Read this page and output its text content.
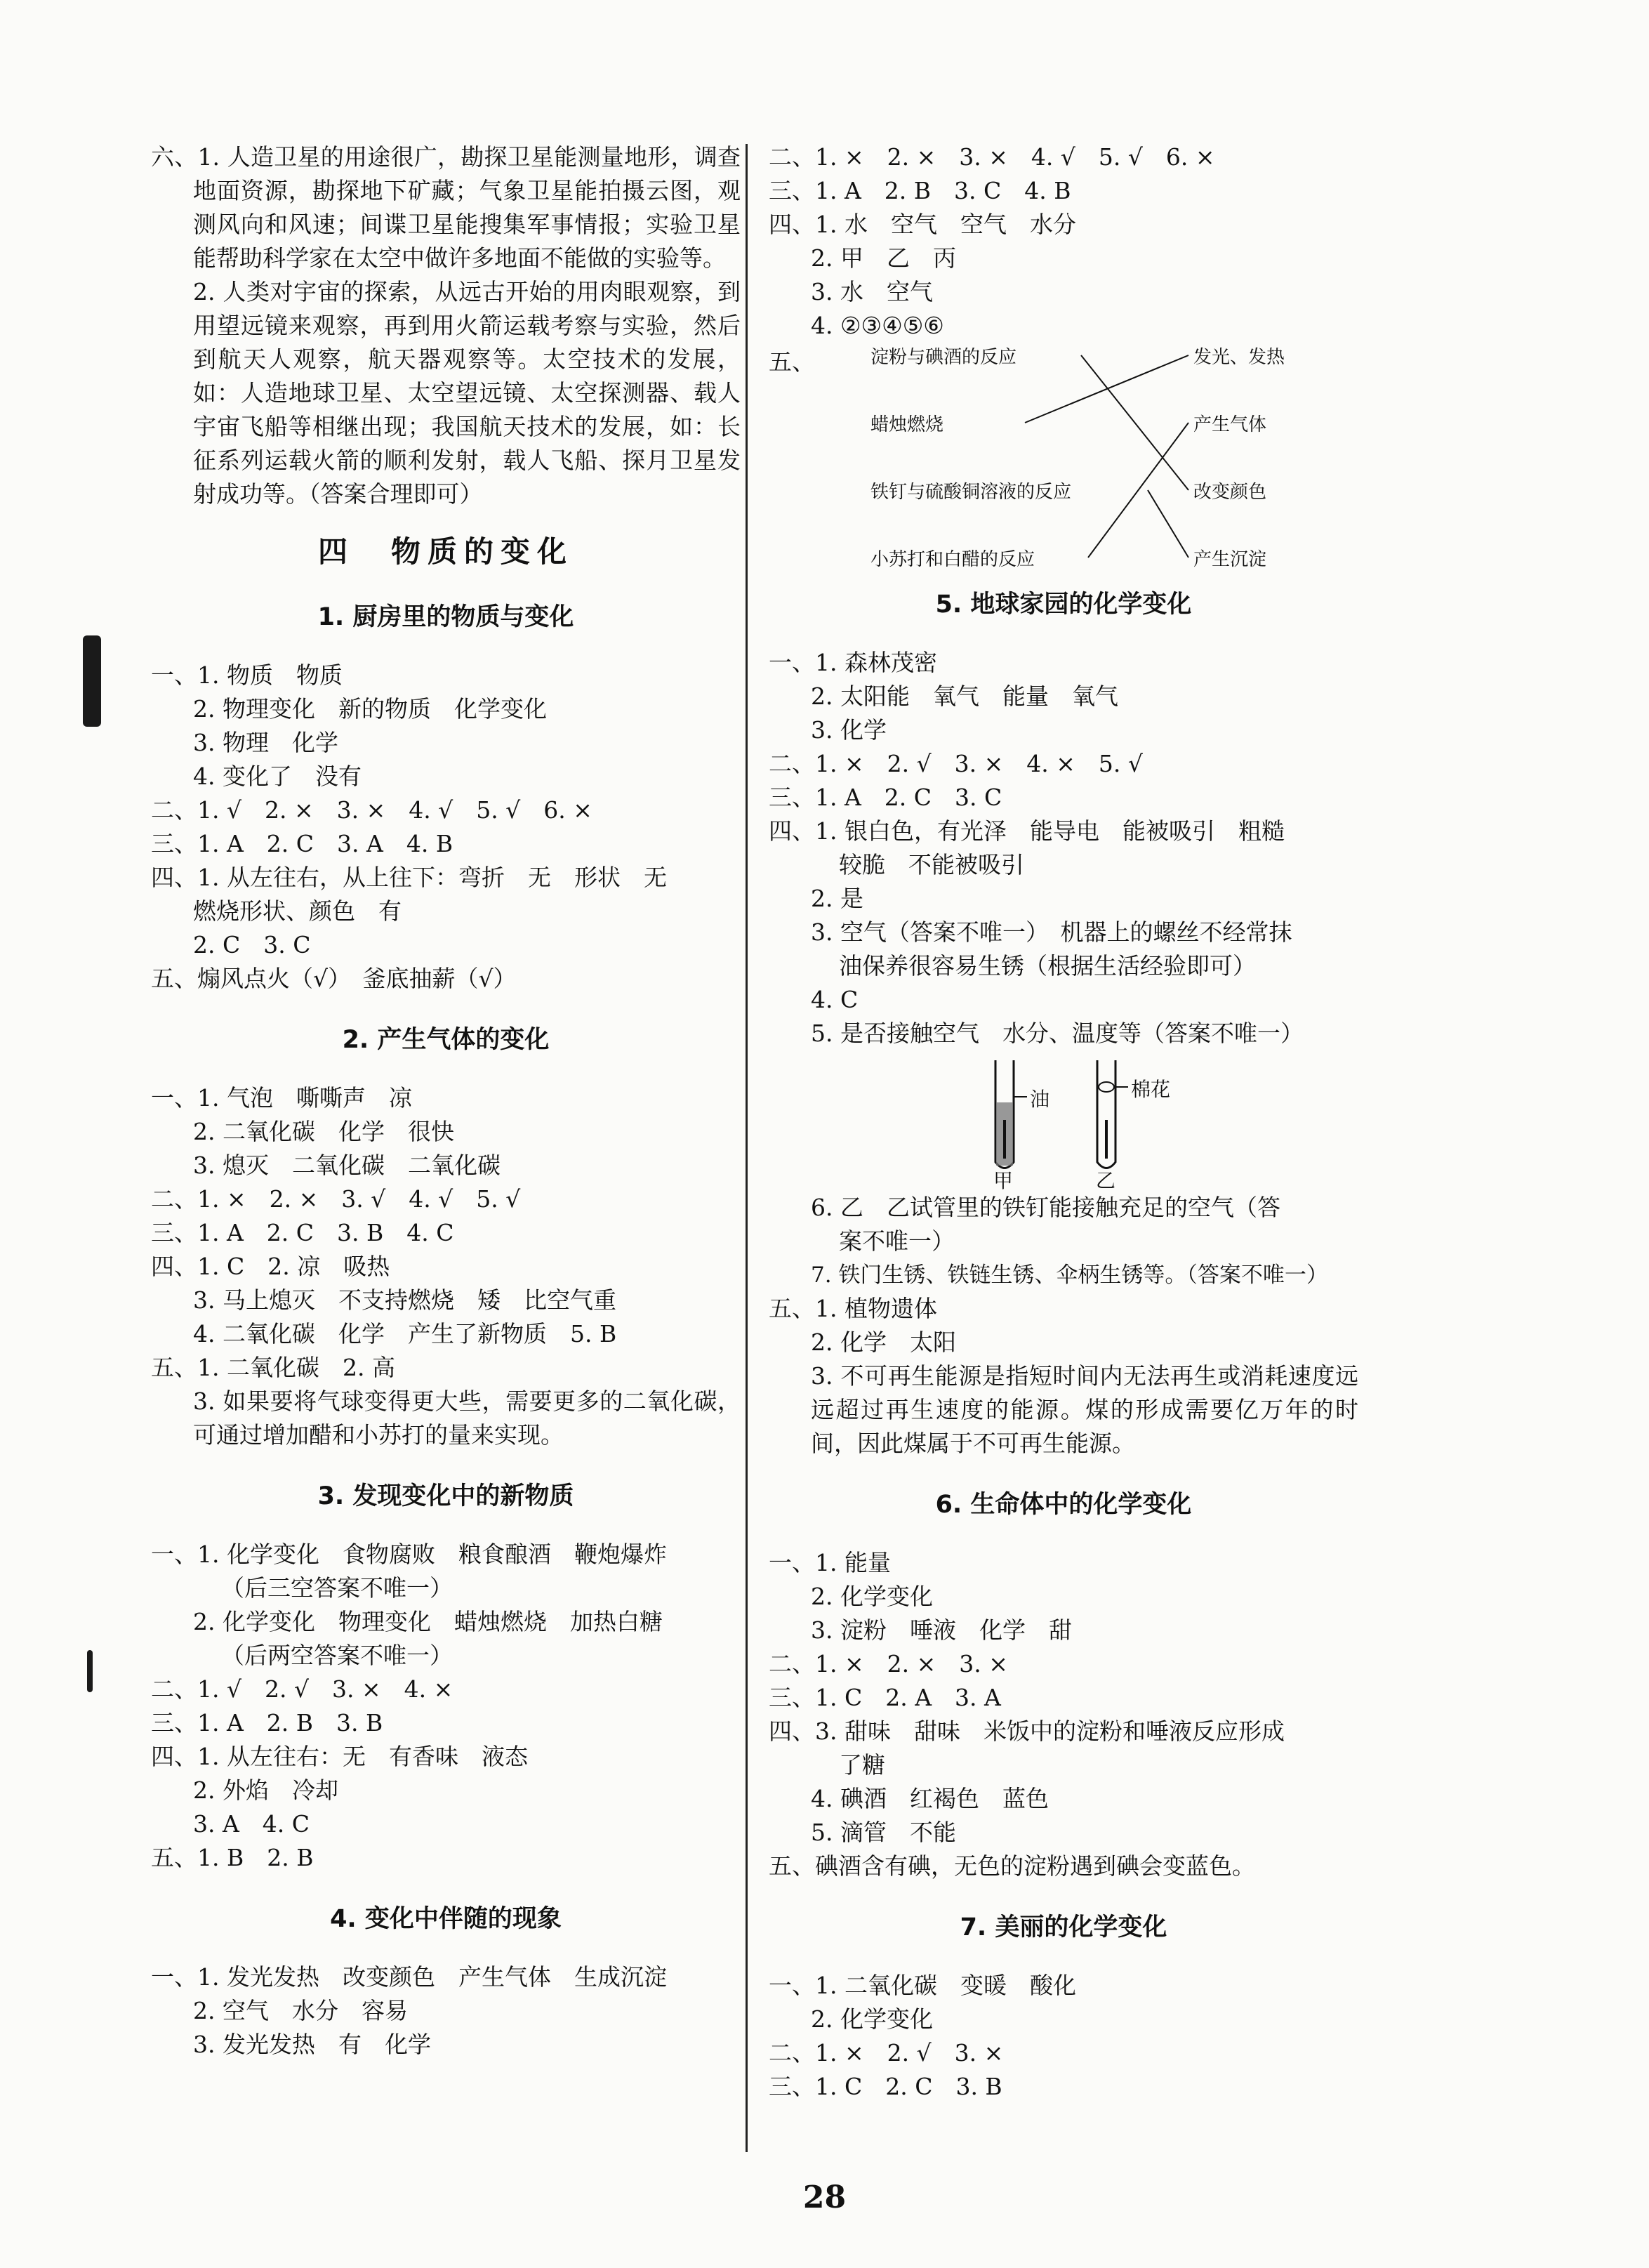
六、1. 人造卫星的用途很广，勘探卫星能测量地形，调查地面资源，勘探地下矿藏；气象卫星能拍摄云图，观测风向和风速；间谍卫星能搜集军事情报；实验卫星能帮助科学家在太空中做许多地面不能做的实验等。
2. 人类对宇宙的探索，从远古开始的用肉眼观察，到用望远镜来观察，再到用火箭运载考察与实验，然后到航天人观察，航天器观察等。太空技术的发展，如：人造地球卫星、太空望远镜、太空探测器、载人宇宙飞船等相继出现；我国航天技术的发展，如：长征系列运载火箭的顺利发射，载人飞船、探月卫星发射成功等。（答案合理即可）
四　物质的变化
1. 厨房里的物质与变化
一、1. 物质　物质
2. 物理变化　新的物质　化学变化
3. 物理　化学
4. 变化了　没有
二、1. √　2. ×　3. ×　4. √　5. √　6. ×
三、1. A　2. C　3. A　4. B
四、1. 从左往右，从上往下：弯折　无　形状　无
燃烧形状、颜色　有
2. C　3. C
五、煽风点火（√）　釜底抽薪（√）
2. 产生气体的变化
一、1. 气泡　嘶嘶声　凉
2. 二氧化碳　化学　很快
3. 熄灭　二氧化碳　二氧化碳
二、1. ×　2. ×　3. √　4. √　5. √
三、1. A　2. C　3. B　4. C
四、1. C　2. 凉　吸热
3. 马上熄灭　不支持燃烧　矮　比空气重
4. 二氧化碳　化学　产生了新物质　5. B
五、1. 二氧化碳　2. 高
3. 如果要将气球变得更大些，需要更多的二氧化碳，可通过增加醋和小苏打的量来实现。
3. 发现变化中的新物质
一、1. 化学变化　食物腐败　粮食酿酒　鞭炮爆炸
（后三空答案不唯一）
2. 化学变化　物理变化　蜡烛燃烧　加热白糖
（后两空答案不唯一）
二、1. √　2. √　3. ×　4. ×
三、1. A　2. B　3. B
四、1. 从左往右：无　有香味　液态
2. 外焰　冷却
3. A　4. C
五、1. B　2. B
4. 变化中伴随的现象
一、1. 发光发热　改变颜色　产生气体　生成沉淀
2. 空气　水分　容易
3. 发光发热　有　化学
二、1. ×　2. ×　3. ×　4. √　5. √　6. ×
三、1. A　2. B　3. C　4. B
四、1. 水　空气　空气　水分
2. 甲　乙　丙
3. 水　空气
4. ②③④⑤⑥
五、	淀粉与碘酒的反应
蜡烛燃烧
铁钉与硫酸铜溶液的反应
小苏打和白醋的反应
发光、发热
产生气体
改变颜色
产生沉淀
5. 地球家园的化学变化
一、1. 森林茂密
2. 太阳能　氧气　能量　氧气
3. 化学
二、1. ×　2. √　3. ×　4. ×　5. √
三、1. A　2. C　3. C
四、1. 银白色，有光泽　能导电　能被吸引　粗糙
较脆　不能被吸引
2. 是
3. 空气（答案不唯一）　机器上的螺丝不经常抹
油保养很容易生锈（根据生活经验即可）
4. C
5. 是否接触空气　水分、温度等（答案不唯一）
油	棉花
甲	乙
6. 乙　乙试管里的铁钉能接触充足的空气（答
案不唯一）
7. 铁门生锈、铁链生锈、伞柄生锈等。（答案不唯一）
五、1. 植物遗体
2. 化学　太阳
3. 不可再生能源是指短时间内无法再生或消耗速度远远超过再生速度的能源。煤的形成需要亿万年的时间，因此煤属于不可再生能源。
6. 生命体中的化学变化
一、1. 能量
2. 化学变化
3. 淀粉　唾液　化学　甜
二、1. ×　2. ×　3. ×
三、1. C　2. A　3. A
四、3. 甜味　甜味　米饭中的淀粉和唾液反应形成
了糖
4. 碘酒　红褐色　蓝色
5. 滴管　不能
五、碘酒含有碘，无色的淀粉遇到碘会变蓝色。
7. 美丽的化学变化
一、1. 二氧化碳　变暖　酸化
2. 化学变化
二、1. ×　2. √　3. ×
三、1. C　2. C　3. B
28
